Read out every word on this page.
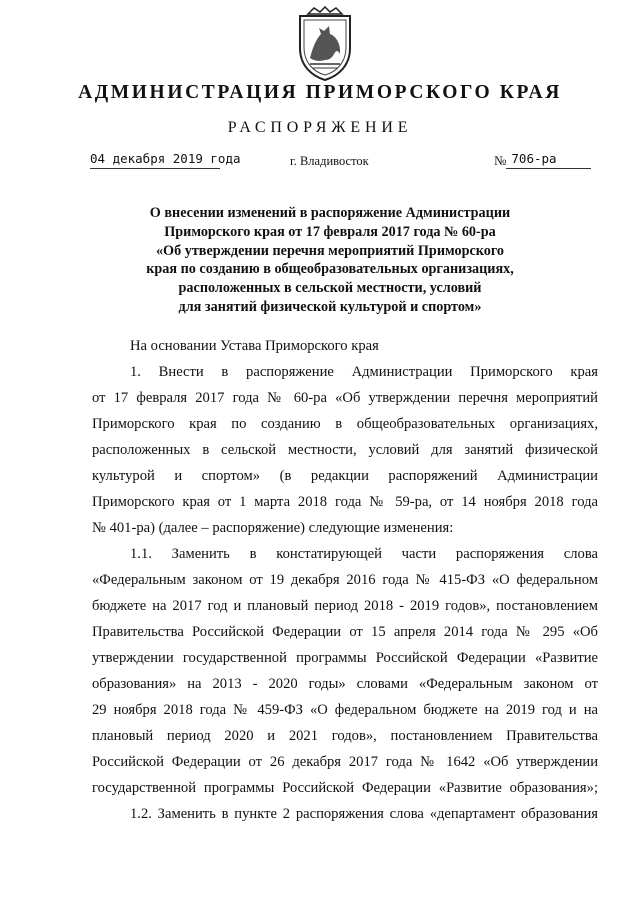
АДМИНИСТРАЦИЯ ПРИМОРСКОГО КРАЯ
РАСПОРЯЖЕНИЕ
04 декабря 2019 года	г. Владивосток	№ 706-ра
О внесении изменений в распоряжение Администрации
Приморского края от 17 февраля 2017 года № 60-ра
«Об утверждении перечня мероприятий Приморского
края по созданию в общеобразовательных организациях,
расположенных в сельской местности, условий
для занятий физической культурой и спортом»
На основании Устава Приморского края
1. Внести в распоряжение Администрации Приморского края
от 17 февраля 2017 года № 60-ра «Об утверждении перечня мероприятий
Приморского края по созданию в общеобразовательных организациях,
расположенных в сельской местности, условий для занятий физической
культурой и спортом» (в редакции распоряжений Администрации
Приморского края от 1 марта 2018 года № 59-ра, от 14 ноября 2018 года
№ 401-ра) (далее – распоряжение) следующие изменения:
1.1. Заменить в констатирующей части распоряжения слова
«Федеральным законом от 19 декабря 2016 года № 415-ФЗ «О федеральном
бюджете на 2017 год и плановый период 2018 - 2019 годов», постановлением
Правительства Российской Федерации от 15 апреля 2014 года № 295 «Об
утверждении государственной программы Российской Федерации «Развитие
образования» на 2013 - 2020 годы» словами «Федеральным законом от
29 ноября 2018 года № 459-ФЗ «О федеральном бюджете на 2019 год и на
плановый период 2020 и 2021 годов», постановлением Правительства
Российской Федерации от 26 декабря 2017 года № 1642 «Об утверждении
государственной программы Российской Федерации «Развитие образования»;
1.2. Заменить в пункте 2 распоряжения слова «департамент образования
